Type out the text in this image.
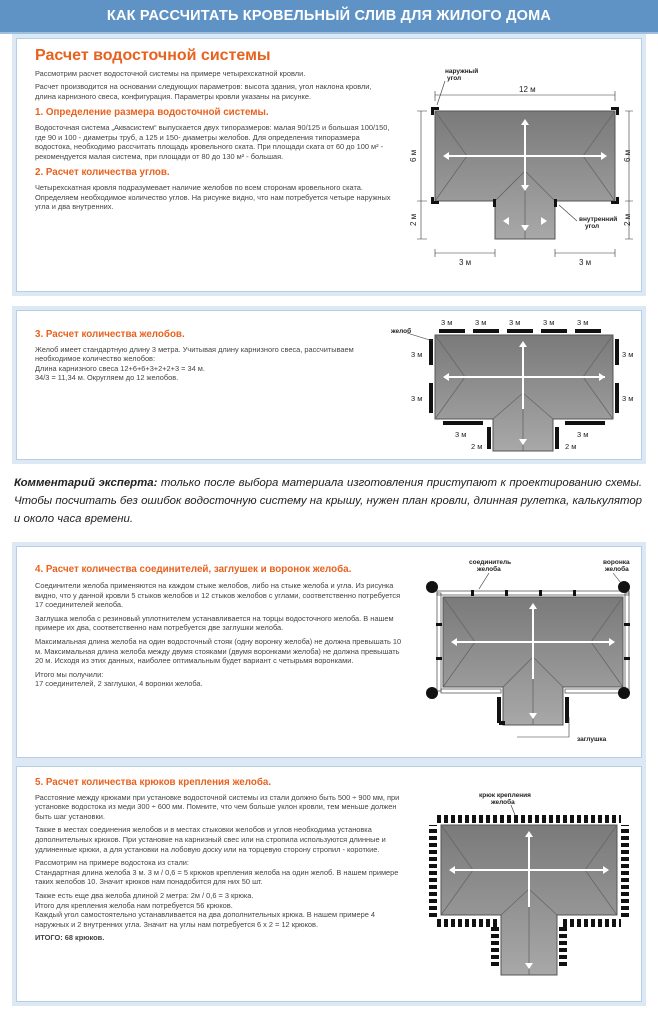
КАК РАССЧИТАТЬ КРОВЕЛЬНЫЙ СЛИВ ДЛЯ ЖИЛОГО ДОМА
Расчет водосточной системы

Рассмотрим расчет водосточной системы на примере четырехскатной кровли.

Расчет производится на основании следующих параметров: высота здания, угол наклона кровли, длина карнизного свеса, конфигурация. Параметры кровли указаны на рисунке.

1. Определение размера водосточной системы.

Водосточная система „Аквасистем“ выпускается двух типоразмеров: малая 90/125 и большая 100/150, где 90 и 100 - диаметры труб, а 125 и 150- диаметры желобов. Для определения типоразмера водостока, необходимо рассчитать площадь кровельного ската. При площади ската от 60 до 100 м² - рекомендуется малая система, при площади от 80 до 130 м² - большая.

2. Расчет количества углов.

Четырехскатная кровля подразумевает наличие желобов по всем сторонам кровельного ската. Определяем необходимое количество углов. На рисунке видно, что нам потребуется четыре наружных угла и два внутренних.

наружный
угол
12 м
6 м	6 м
2 м	2 м
внутренний
угол
3 м	3 м
3. Расчет количества желобов.

Желоб имеет стандартную длину 3 метра. Учитывая длину карнизного свеса, рассчитываем необходимое количество желобов:

Длина карнизного свеса 12+6+6+3+2+2+3 = 34 м.

34/3 = 11,34 м. Округляем до 12 желобов.

желоб
3 м	3 м	3 м	3 м	3 м
3 м
3 м
3 м
3 м
3 м	3 м
2 м	2 м
Комментарий эксперта: только после выбора материала изготовления приступают к проектированию схемы. Чтобы посчитать без ошибок водосточную систему на крышу, нужен план кровли, длинная рулетка, калькулятор и около часа времени.
4. Расчет количества соединителей, заглушек и воронок желоба.

Соединители желоба применяются на каждом стыке желобов, либо на стыке желоба и угла. Из рисунка видно, что у данной кровли 5 стыков желобов и 12 стыков желобов с углами, соответственно потребуется 17 соединителей желоба.

Заглушка желоба с резиновый уплотнителем устанавливается на торцы водосточного желоба. В нашем примере их два, соответственно нам потребуется две заглушки желоба.

Максимальная длина желоба на один водосточный стояк (одну воронку желоба) не должна превышать 10 м. Максимальная длина желоба между двумя стояками (двумя воронками желоба) не должна превышать 20 м. Исходя из этих данных, наиболее оптимальным будет вариант с четырьмя воронками.

Итого мы получили:

17 соединителей, 2 заглушки, 4 воронки желоба.

соединитель
желоба
воронка
желоба
заглушка
5. Расчет количества крюков крепления желоба.

Расстояние между крюками при установке водосточной системы из стали должно быть 500 ÷ 900 мм, при установке водостока из меди 300 ÷ 600 мм. Помните, что чем больше уклон кровли, тем меньше должен быть шаг установки.

Также в местах соединения желобов и в местах стыковки желобов и углов необходима установка дополнительных крюков. При установке на карнизный свес или на стропила используются длинные и удлиненные крюки, а для установки на лобовую доску или на торцевую сторону стропил - короткие.

Рассмотрим на примере водостока из стали:

Стандартная длина желоба 3 м. 3 м / 0,6 = 5 крюков крепления желоба на один желоб. В нашем примере таких желобов 10. Значит крюков нам понадобится для них 50 шт.

Также есть еще два желоба длиной 2 метра: 2м / 0,6 = 3 крюка.

Итого для крепления желоба нам потребуется 56 крюков.

Каждый угол самостоятельно устанавливается на два дополнительных крюка. В нашем примере 4 наружных и 2 внутренних угла. Значит на углы нам потребуется 6 х 2 = 12 крюков.

ИТОГО: 68 крюков.

крюк крепления
желоба
